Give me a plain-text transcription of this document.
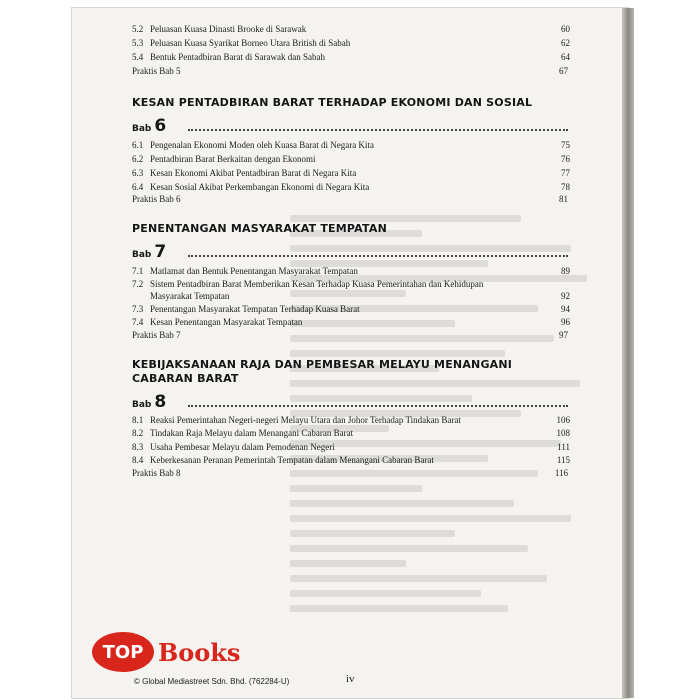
5.2 Peluasan Kuasa Dinasti Brooke di Sarawak	60
5.3 Peluasan Kuasa Syarikat Borneo Utara British di Sabah	62
5.4 Bentuk Pentadbiran Barat di Sarawak dan Sabah	64
Praktis Bab 5	67
KESAN PENTADBIRAN BARAT TERHADAP EKONOMI DAN SOSIAL
Bab 6
6.1 Pengenalan Ekonomi Moden oleh Kuasa Barat di Negara Kita	75
6.2 Pentadbiran Barat Berkaitan dengan Ekonomi	76
6.3 Kesan Ekonomi Akibat Pentadbiran Barat di Negara Kita	77
6.4 Kesan Sosial Akibat Perkembangan Ekonomi di Negara Kita	78
Praktis Bab 6	81
PENENTANGAN MASYARAKAT TEMPATAN
Bab 7
7.1 Matlamat dan Bentuk Penentangan Masyarakat Tempatan	89
7.2 Sistem Pentadbiran Barat Memberikan Kesan Terhadap Kuasa Pemerintahan dan Kehidupan
Masyarakat Tempatan	92
7.3 Penentangan Masyarakat Tempatan Terhadap Kuasa Barat	94
7.4 Kesan Penentangan Masyarakat Tempatan	96
Praktis Bab 7	97
KEBIJAKSANAAN RAJA DAN PEMBESAR MELAYU MENANGANI CABARAN BARAT
Bab 8
8.1 Reaksi Pemerintahan Negeri-negeri Melayu Utara dan Johor Terhadap Tindakan Barat	106
8.2 Tindakan Raja Melayu dalam Menangani Cabaran Barat	108
8.3 Usaha Pembesar Melayu dalam Pemodenan Negeri	111
8.4 Keberkesanan Peranan Pemerintah Tempatan dalam Menangani Cabaran Barat	115
Praktis Bab 8	116
TOP Books
© Global Mediastreet Sdn. Bhd. (762284-U)	iv
